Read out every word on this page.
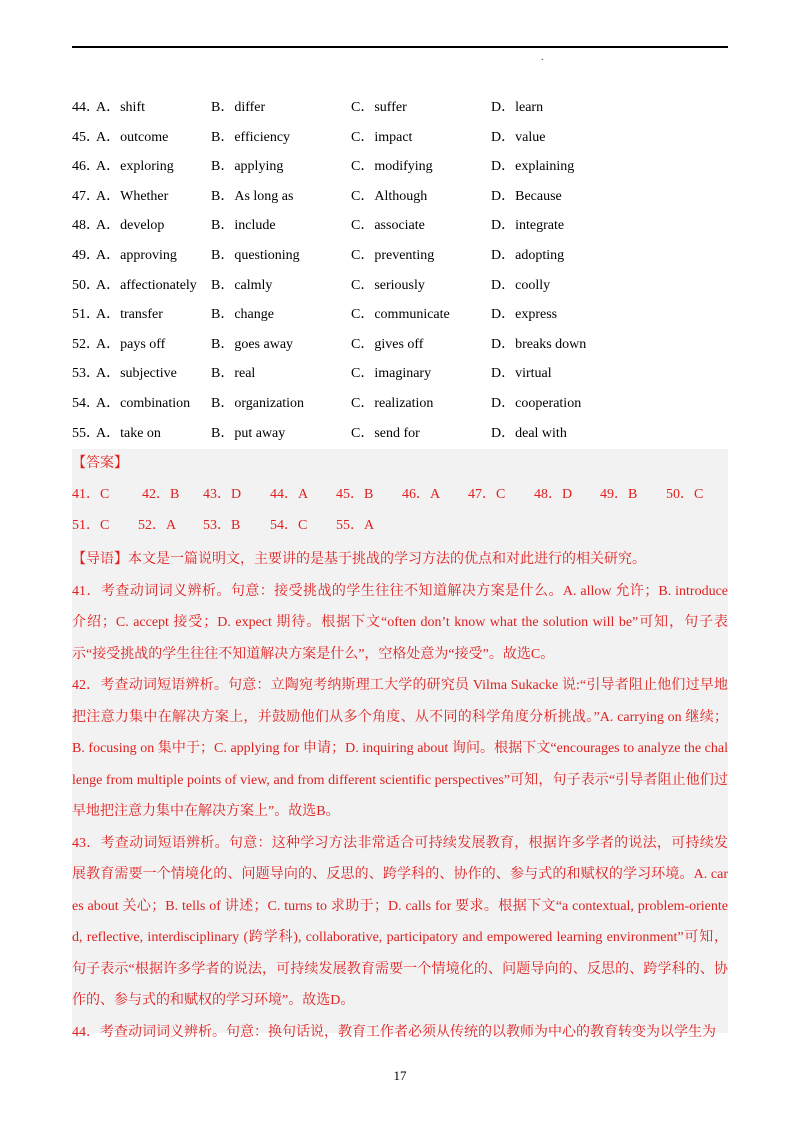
.
44．
A．shift	B．differ	C．suffer	D．learn
45．
A．outcome	B．efficiency	C．impact	D．value
46．
A．exploring	B．applying	C．modifying	D．explaining
47．
A．Whether	B．As long as	C．Although	D．Because
48．
A．develop	B．include	C．associate	D．integrate
49．
A．approving B．questioning	C．preventing	D．adopting
50．
A．affectionately B．calmly	C．seriously	D．coolly
51．
A．transfer	B．change	C．communicate	D．express
52．
A．pays off	B．goes away	C．gives off	D．breaks down
53．
A．subjective B．real	C．imaginary	D．virtual
54．
A．combination B．organization	C．realization	D．cooperation
55．
A．take on	B．put away	C．send for	D．deal with
【答案】
41．C 42．B 43．D 44．A 45．B 46．A 47．C 48．D 49．B 50．C
51．C 52．A 53．B 54．C 55．A

【导语】本文是一篇说明文，主要讲的是基于挑战的学习方法的优点和对此进行的相关研究。

41．考查动词词义辨析。句意：接受挑战的学生往往不知道解决方案是什么。A. allow 允许；B. introduce 介绍；C. accept 接受；D. expect 期待。根据下文“often don’t know what the solution will be”可知，句子表示“接受挑战的学生往往不知道解决方案是什么”，空格处意为“接受”。故选C。

42．考查动词短语辨析。句意：立陶宛考纳斯理工大学的研究员 Vilma Sukacke 说:“引导者阻止他们过早地把注意力集中在解决方案上，并鼓励他们从多个角度、从不同的科学角度分析挑战。”A. carrying on 继续；B. focusing on 集中于；C. applying for 申请；D. inquiring about 询问。根据下文“encourages to analyze the challenge from multiple points of view, and from different scientific perspectives”可知，句子表示“引导者阻止他们过早地把注意力集中在解决方案上”。故选B。

43．考查动词短语辨析。句意：这种学习方法非常适合可持续发展教育，根据许多学者的说法，可持续发展教育需要一个情境化的、问题导向的、反思的、跨学科的、协作的、参与式的和赋权的学习环境。A. cares about 关心；B. tells of 讲述；C. turns to 求助于；D. calls for 要求。根据下文“a contextual, problem-oriented, reflective, interdisciplinary (跨学科), collaborative, participatory and empowered learning environment”可知，句子表示“根据许多学者的说法，可持续发展教育需要一个情境化的、问题导向的、反思的、跨学科的、协作的、参与式的和赋权的学习环境”。故选D。

44．考查动词词义辨析。句意：换句话说，教育工作者必须从传统的以教师为中心的教育转变为以学生为

17
